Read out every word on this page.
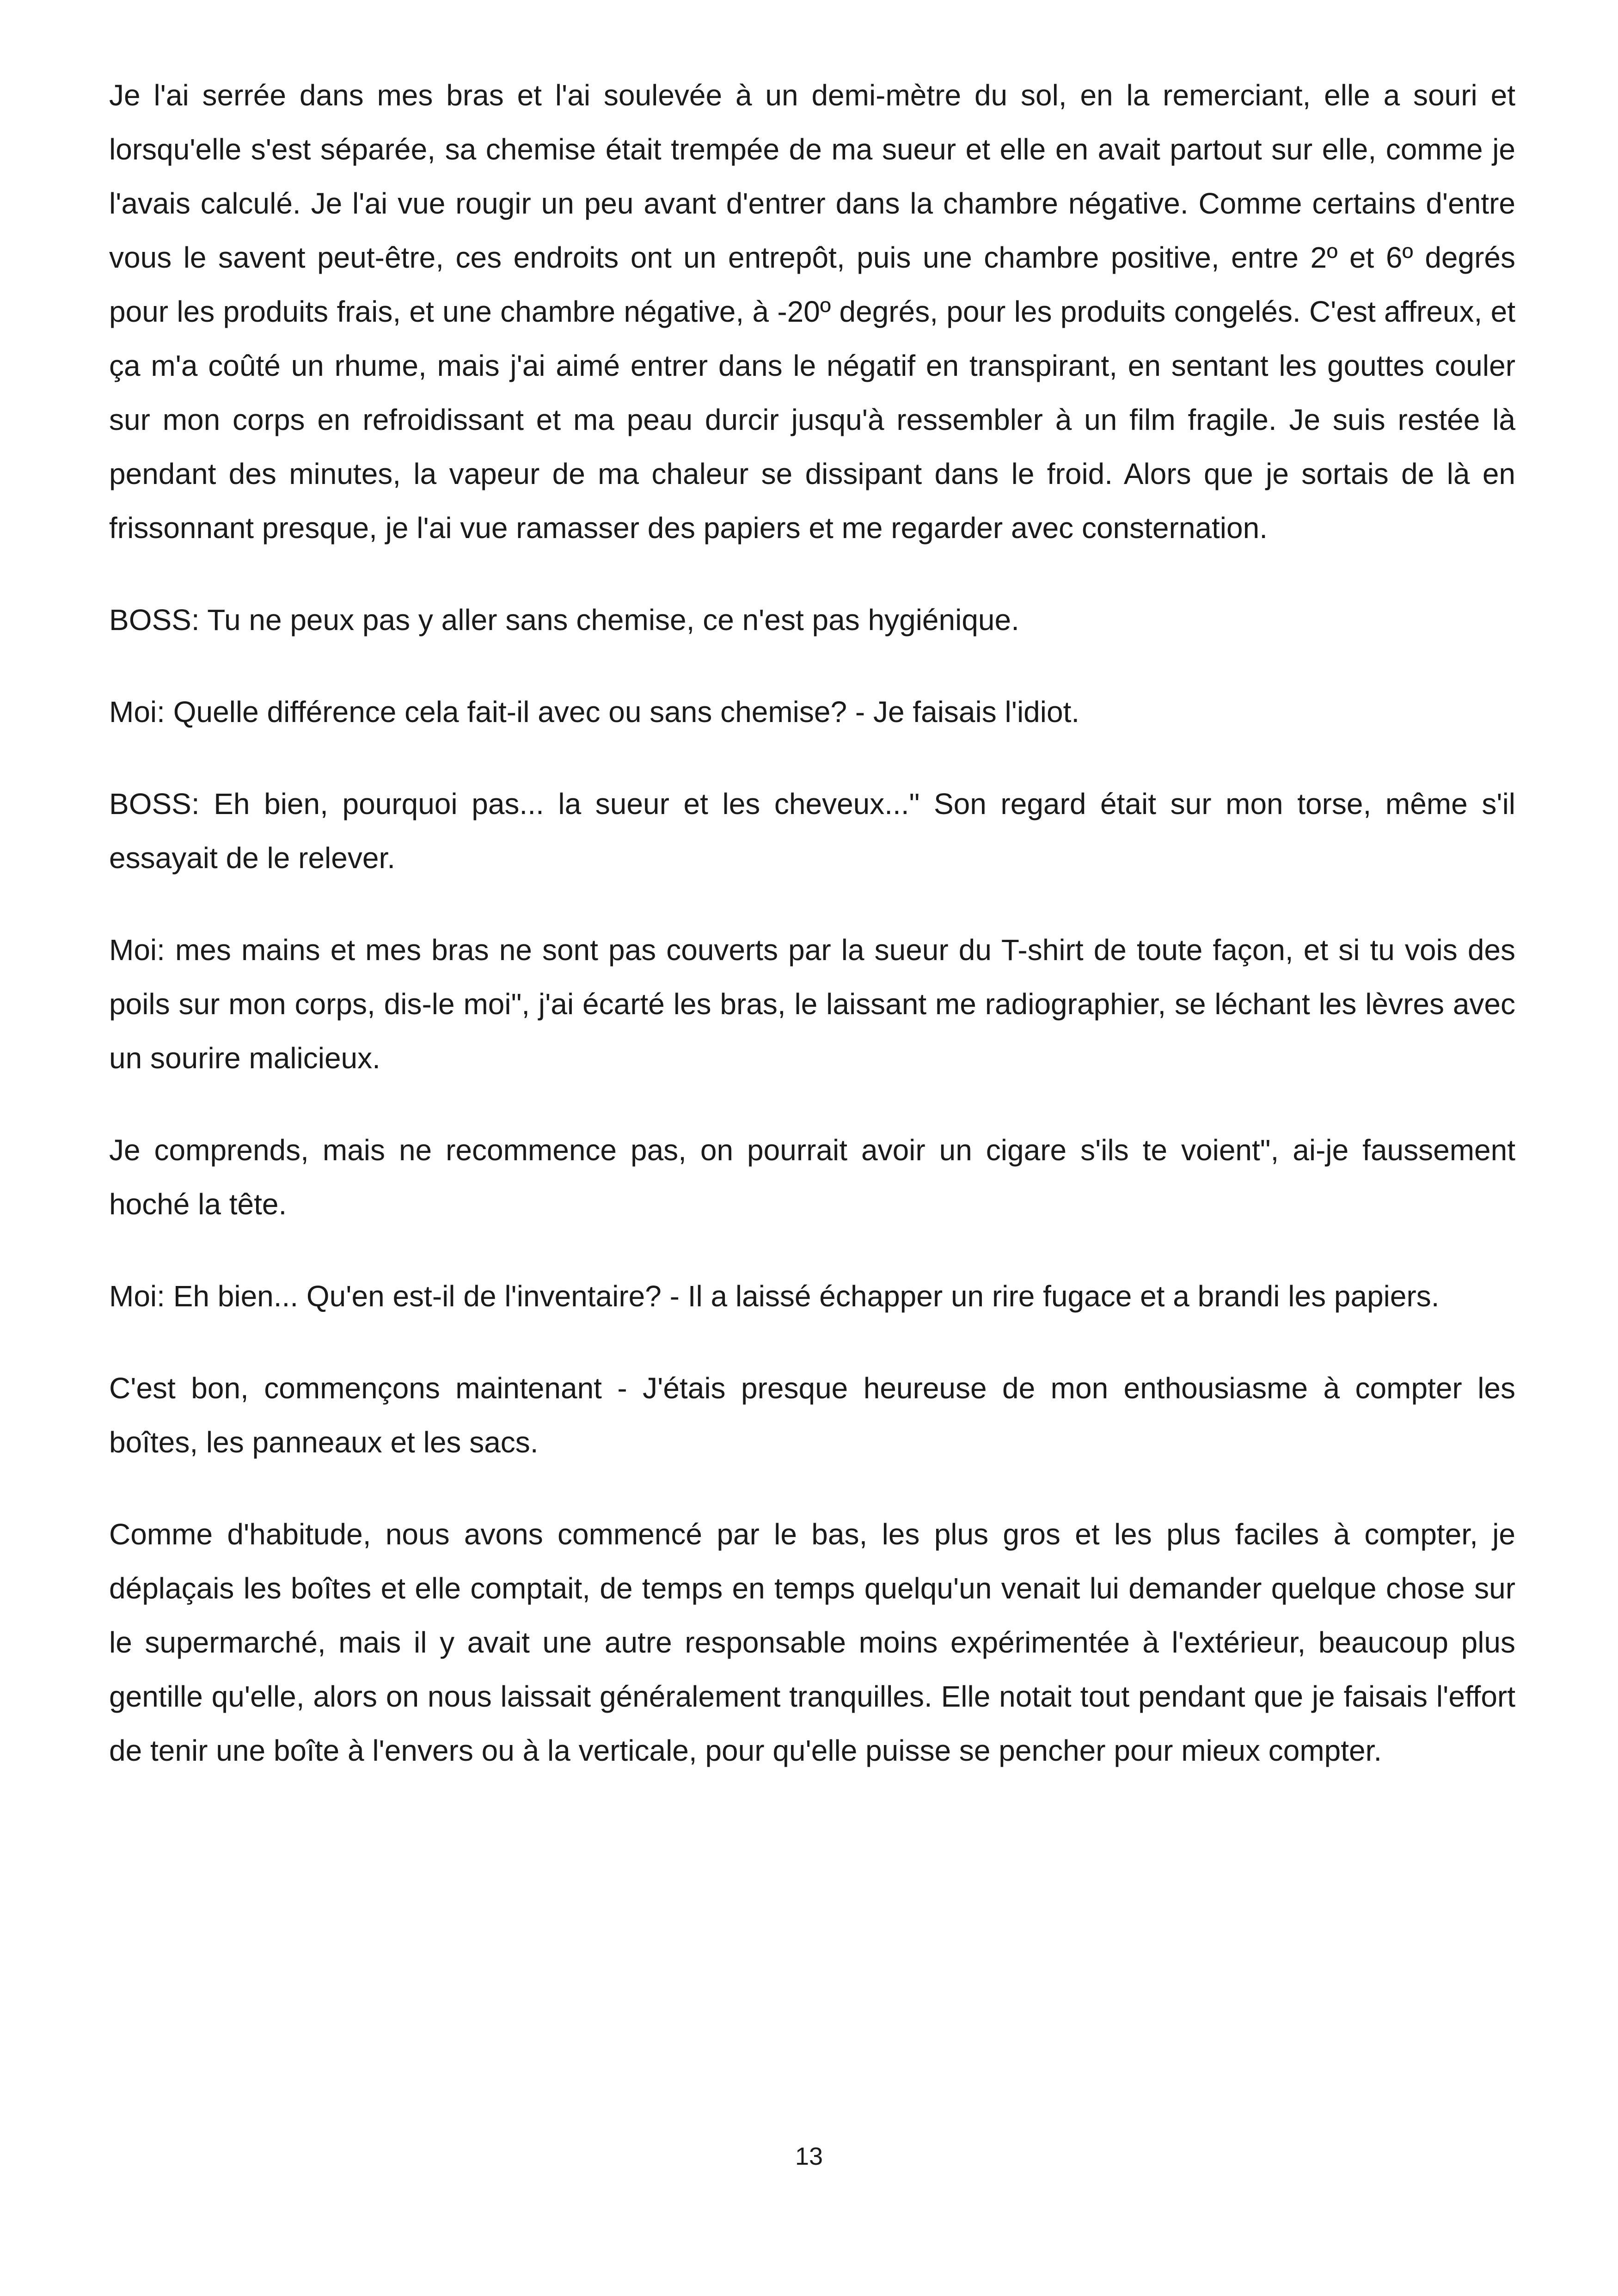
Je l'ai serrée dans mes bras et l'ai soulevée à un demi-mètre du sol, en la remerciant, elle a souri et lorsqu'elle s'est séparée, sa chemise était trempée de ma sueur et elle en avait partout sur elle, comme je l'avais calculé. Je l'ai vue rougir un peu avant d'entrer dans la chambre négative. Comme certains d'entre vous le savent peut-être, ces endroits ont un entrepôt, puis une chambre positive, entre 2º et 6º degrés pour les produits frais, et une chambre négative, à -20º degrés, pour les produits congelés. C'est affreux, et ça m'a coûté un rhume, mais j'ai aimé entrer dans le négatif en transpirant, en sentant les gouttes couler sur mon corps en refroidissant et ma peau durcir jusqu'à ressembler à un film fragile. Je suis restée là pendant des minutes, la vapeur de ma chaleur se dissipant dans le froid. Alors que je sortais de là en frissonnant presque, je l'ai vue ramasser des papiers et me regarder avec consternation.

BOSS: Tu ne peux pas y aller sans chemise, ce n'est pas hygiénique.

Moi: Quelle différence cela fait-il avec ou sans chemise? - Je faisais l'idiot.

BOSS: Eh bien, pourquoi pas... la sueur et les cheveux..." Son regard était sur mon torse, même s'il essayait de le relever.

Moi: mes mains et mes bras ne sont pas couverts par la sueur du T-shirt de toute façon, et si tu vois des poils sur mon corps, dis-le moi", j'ai écarté les bras, le laissant me radiographier, se léchant les lèvres avec un sourire malicieux.

Je comprends, mais ne recommence pas, on pourrait avoir un cigare s'ils te voient", ai-je faussement hoché la tête.

Moi: Eh bien... Qu'en est-il de l'inventaire? - Il a laissé échapper un rire fugace et a brandi les papiers.

C'est bon, commençons maintenant - J'étais presque heureuse de mon enthousiasme à compter les boîtes, les panneaux et les sacs.

Comme d'habitude, nous avons commencé par le bas, les plus gros et les plus faciles à compter, je déplaçais les boîtes et elle comptait, de temps en temps quelqu'un venait lui demander quelque chose sur le supermarché, mais il y avait une autre responsable moins expérimentée à l'extérieur, beaucoup plus gentille qu'elle, alors on nous laissait généralement tranquilles. Elle notait tout pendant que je faisais l'effort de tenir une boîte à l'envers ou à la verticale, pour qu'elle puisse se pencher pour mieux compter.

13
